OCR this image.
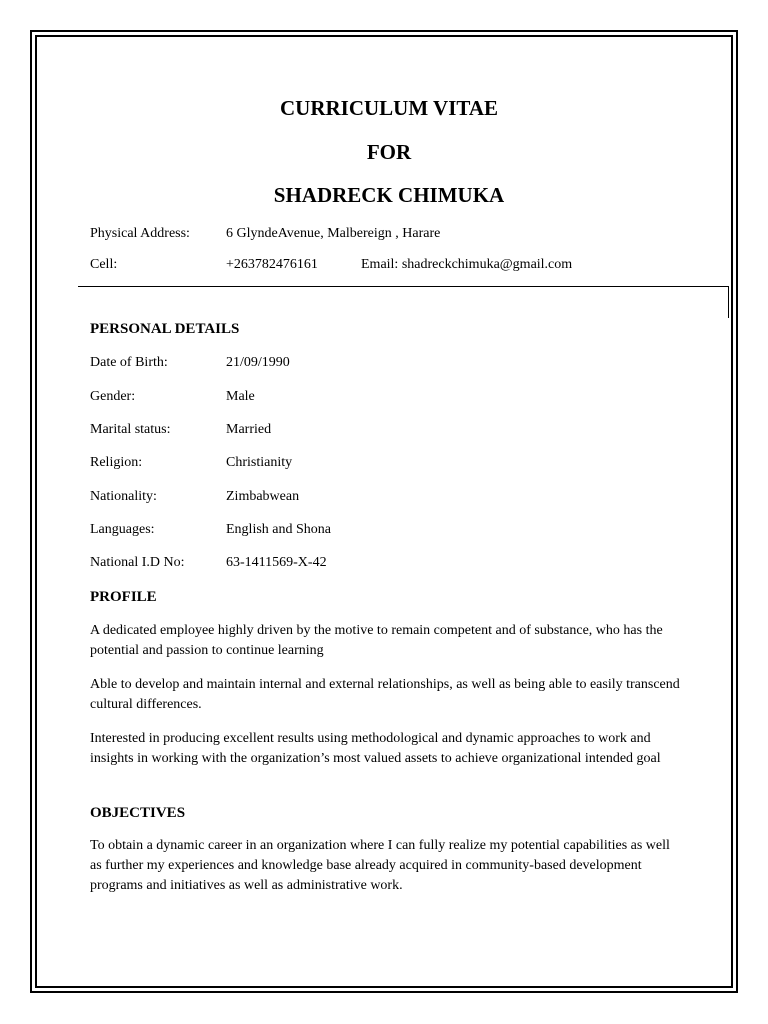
CURRICULUM VITAE
FOR
SHADRECK CHIMUKA
Physical Address:	6 GlyndeAvenue, Malbereign , Harare
Cell:	+263782476161	Email: shadreckchimuka@gmail.com
PERSONAL DETAILS
Date of Birth:	21/09/1990
Gender:	Male
Marital status:	Married
Religion:	Christianity
Nationality:	Zimbabwean
Languages:	English and Shona
National I.D No:	63-1411569-X-42
PROFILE
A dedicated employee highly driven by the motive to remain competent and of substance, who has the potential and passion to continue learning
Able to develop and maintain internal and external relationships, as well as being able to easily transcend cultural differences.
Interested in producing excellent results using methodological and dynamic approaches to work and insights in working with the organization’s most valued assets to achieve organizational intended goal
OBJECTIVES
To obtain a dynamic career in an organization where I can fully realize my potential capabilities as well as further my experiences and knowledge base already acquired in community-based development programs and initiatives as well as administrative work.
